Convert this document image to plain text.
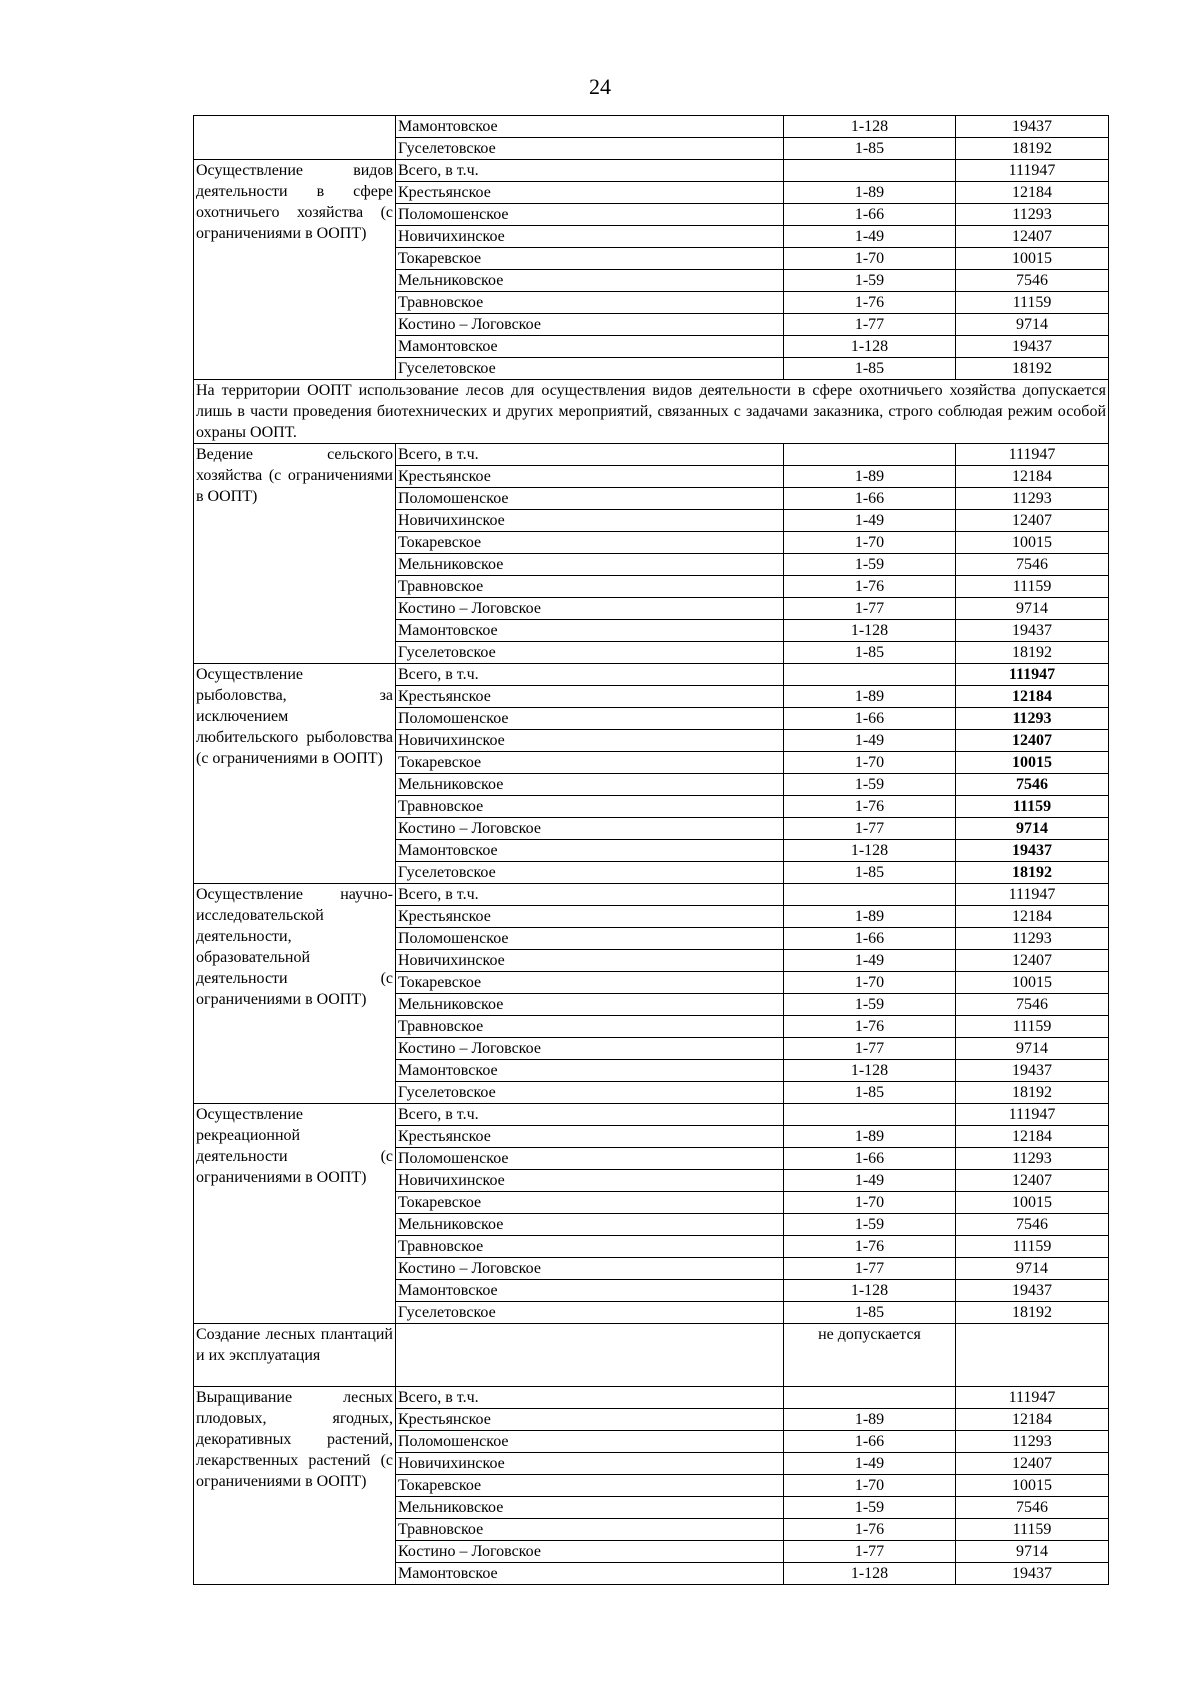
24
	Мамонтовское	1-128	19437
	Гуселетовское	1-85	18192
Осуществление видов деятельности в сфере охотничьего хозяйства (с ограничениями в ООПТ)	Всего, в т.ч.		111947
	Крестьянское	1-89	12184
	Поломошенское	1-66	11293
	Новичихинское	1-49	12407
	Токаревское	1-70	10015
	Мельниковское	1-59	7546
	Травновское	1-76	11159
	Костино – Логовское	1-77	9714
	Мамонтовское	1-128	19437
	Гуселетовское	1-85	18192
На территории ООПТ использование лесов для осуществления видов деятельности в сфере охотничьего хозяйства допускается лишь в части проведения биотехнических и других мероприятий, связанных с задачами заказника, строго соблюдая режим особой охраны ООПТ.			
Ведение сельского хозяйства (с ограничениями в ООПТ)	Всего, в т.ч.		111947
	Крестьянское	1-89	12184
	Поломошенское	1-66	11293
	Новичихинское	1-49	12407
	Токаревское	1-70	10015
	Мельниковское	1-59	7546
	Травновское	1-76	11159
	Костино – Логовское	1-77	9714
	Мамонтовское	1-128	19437
	Гуселетовское	1-85	18192
Осуществление рыболовства, за исключением любительского рыболовства (с ограничениями в ООПТ)	Всего, в т.ч.		111947
	Крестьянское	1-89	12184
	Поломошенское	1-66	11293
	Новичихинское	1-49	12407
	Токаревское	1-70	10015
	Мельниковское	1-59	7546
	Травновское	1-76	11159
	Костино – Логовское	1-77	9714
	Мамонтовское	1-128	19437
	Гуселетовское	1-85	18192
Осуществление научно-исследовательской деятельности, образовательной деятельности (с ограничениями в ООПТ)	Всего, в т.ч.		111947
	Крестьянское	1-89	12184
	Поломошенское	1-66	11293
	Новичихинское	1-49	12407
	Токаревское	1-70	10015
	Мельниковское	1-59	7546
	Травновское	1-76	11159
	Костино – Логовское	1-77	9714
	Мамонтовское	1-128	19437
	Гуселетовское	1-85	18192
Осуществление рекреационной деятельности (с ограничениями в ООПТ)	Всего, в т.ч.		111947
	Крестьянское	1-89	12184
	Поломошенское	1-66	11293
	Новичихинское	1-49	12407
	Токаревское	1-70	10015
	Мельниковское	1-59	7546
	Травновское	1-76	11159
	Костино – Логовское	1-77	9714
	Мамонтовское	1-128	19437
	Гуселетовское	1-85	18192
Создание лесных плантаций и их эксплуатация		не допускается	
Выращивание лесных плодовых, ягодных, декоративных растений, лекарственных растений (с ограничениями в ООПТ)	Всего, в т.ч.		111947
	Крестьянское	1-89	12184
	Поломошенское	1-66	11293
	Новичихинское	1-49	12407
	Токаревское	1-70	10015
	Мельниковское	1-59	7546
	Травновское	1-76	11159
	Костино – Логовское	1-77	9714
	Мамонтовское	1-128	19437
